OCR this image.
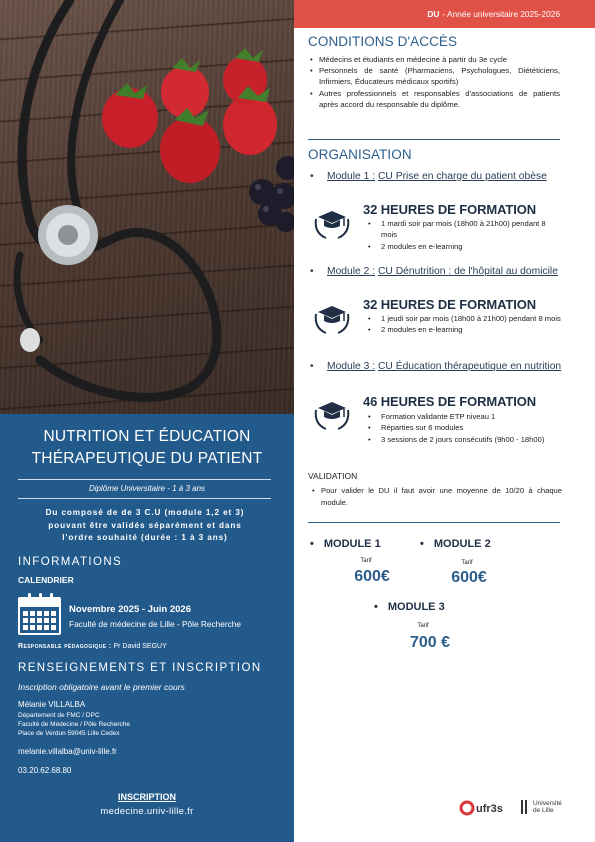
NUTRITION ET ÉDUCATION
THÉRAPEUTIQUE DU PATIENT
Diplôme Universitaire - 1 à 3 ans
Du composé de de 3 C.U (module 1,2 et 3)
pouvant être validés séparément et dans
l'ordre souhaité (durée : 1 à 3 ans)
INFORMATIONS
CALENDRIER
Novembre 2025 - Juin 2026
Faculté de médecine de Lille - Pôle Recherche
Responsable pédagogique : Pr David SEGUY
RENSEIGNEMENTS ET INSCRIPTION
Inscription obligatoire avant le premier cours
Mélanie VILLALBA
Département de FMC / DPC
Faculté de Médecine / Pôle Recherche
Place de Verdun 59045 Lille Cedex
melanie.villalba@univ-lille.fr
03.20.62.68.80
INSCRIPTION
medecine.univ-lille.fr
DU - Année universitaire 2025-2026
CONDITIONS D'ACCÈS
• Médecins et étudiants en médecine à partir du 3e cycle
• Personnels de santé (Pharmaciens, Psychologues, Diététiciens, Infirmiers, Éducateurs médicaux sportifs)
• Autres professionnels et responsables d'associations de patients après accord du responsable du diplôme.
ORGANISATION
• Module 1 : CU Prise en charge du patient obèse
32 HEURES DE FORMATION
• 1 mardi soir par mois (18h00 à 21h00) pendant 8 mois
• 2 modules en e-learning
• Module 2 : CU Dénutrition : de l'hôpital au domicile
32 HEURES DE FORMATION
• 1 jeudi soir par mois (18h00 à 21h00) pendant 8 mois
• 2 modules en e-learning
• Module 3 : CU Éducation thérapeutique en nutrition
46 HEURES DE FORMATION
• Formation validante ETP niveau 1
• Réparties sur 6 modules
• 3 sessions de 2 jours consécutifs (9h00 - 18h00)
VALIDATION
• Pour valider le DU il faut avoir une moyenne de 10/20 à chaque module.
• MODULE 1
Tarif
600€
• MODULE 2
Tarif
600€
• MODULE 3
Tarif
700 €
ufr3s	Université
de Lille
